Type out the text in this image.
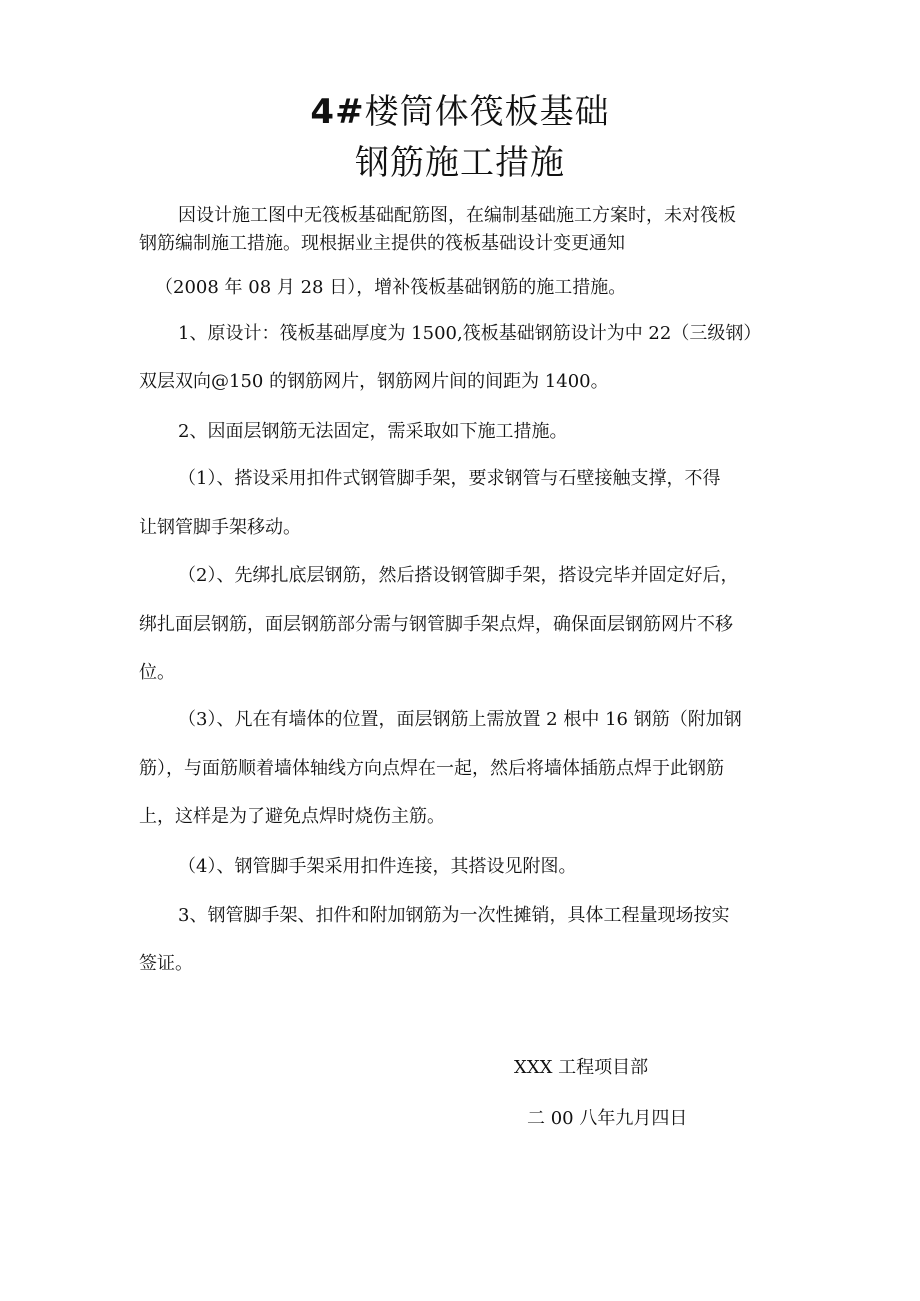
4#楼筒体筏板基础
钢筋施工措施
因设计施工图中无筏板基础配筋图，在编制基础施工方案时，未对筏板
钢筋编制施工措施。现根据业主提供的筏板基础设计变更通知
（2008 年 08 月 28 日），增补筏板基础钢筋的施工措施。
1、原设计：筏板基础厚度为 1500,筏板基础钢筋设计为中 22（三级钢）
双层双向@150 的钢筋网片，钢筋网片间的间距为 1400。
2、因面层钢筋无法固定，需采取如下施工措施。
（1）、搭设采用扣件式钢管脚手架，要求钢管与石壁接触支撑，不得
让钢管脚手架移动。
（2）、先绑扎底层钢筋，然后搭设钢管脚手架，搭设完毕并固定好后，
绑扎面层钢筋，面层钢筋部分需与钢管脚手架点焊，确保面层钢筋网片不移
位。
（3）、凡在有墙体的位置，面层钢筋上需放置 2 根中 16 钢筋（附加钢
筋），与面筋顺着墙体轴线方向点焊在一起，然后将墙体插筋点焊于此钢筋
上，这样是为了避免点焊时烧伤主筋。
（4）、钢管脚手架采用扣件连接，其搭设见附图。
3、钢管脚手架、扣件和附加钢筋为一次性摊销，具体工程量现场按实
签证。
XXX 工程项目部
二 00 八年九月四日
